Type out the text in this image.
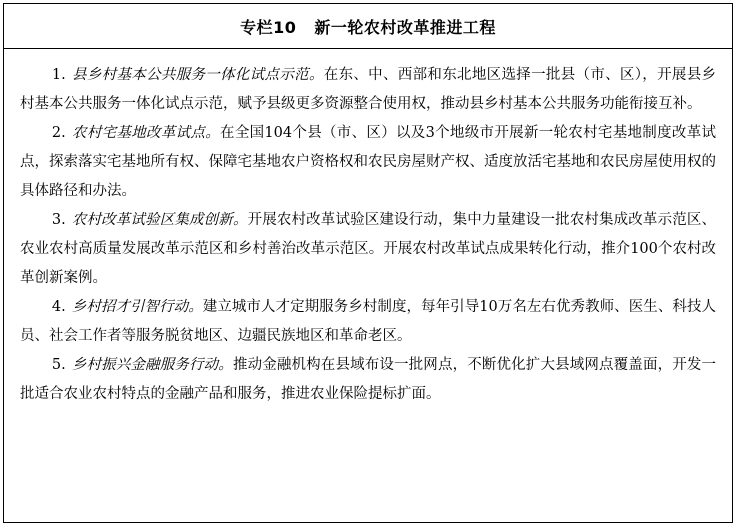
专栏10 新一轮农村改革推进工程

1. 县乡村基本公共服务一体化试点示范。在东、中、西部和东北地区选择一批县（市、区），开展县乡村基本公共服务一体化试点示范，赋予县级更多资源整合使用权，推动县乡村基本公共服务功能衔接互补。

2. 农村宅基地改革试点。在全国104个县（市、区）以及3个地级市开展新一轮农村宅基地制度改革试点，探索落实宅基地所有权、保障宅基地农户资格权和农民房屋财产权、适度放活宅基地和农民房屋使用权的具体路径和办法。

3. 农村改革试验区集成创新。开展农村改革试验区建设行动，集中力量建设一批农村集成改革示范区、农业农村高质量发展改革示范区和乡村善治改革示范区。开展农村改革试点成果转化行动，推介100个农村改革创新案例。

4. 乡村招才引智行动。建立城市人才定期服务乡村制度，每年引导10万名左右优秀教师、医生、科技人员、社会工作者等服务脱贫地区、边疆民族地区和革命老区。

5. 乡村振兴金融服务行动。推动金融机构在县域布设一批网点，不断优化扩大县域网点覆盖面，开发一批适合农业农村特点的金融产品和服务，推进农业保险提标扩面。
